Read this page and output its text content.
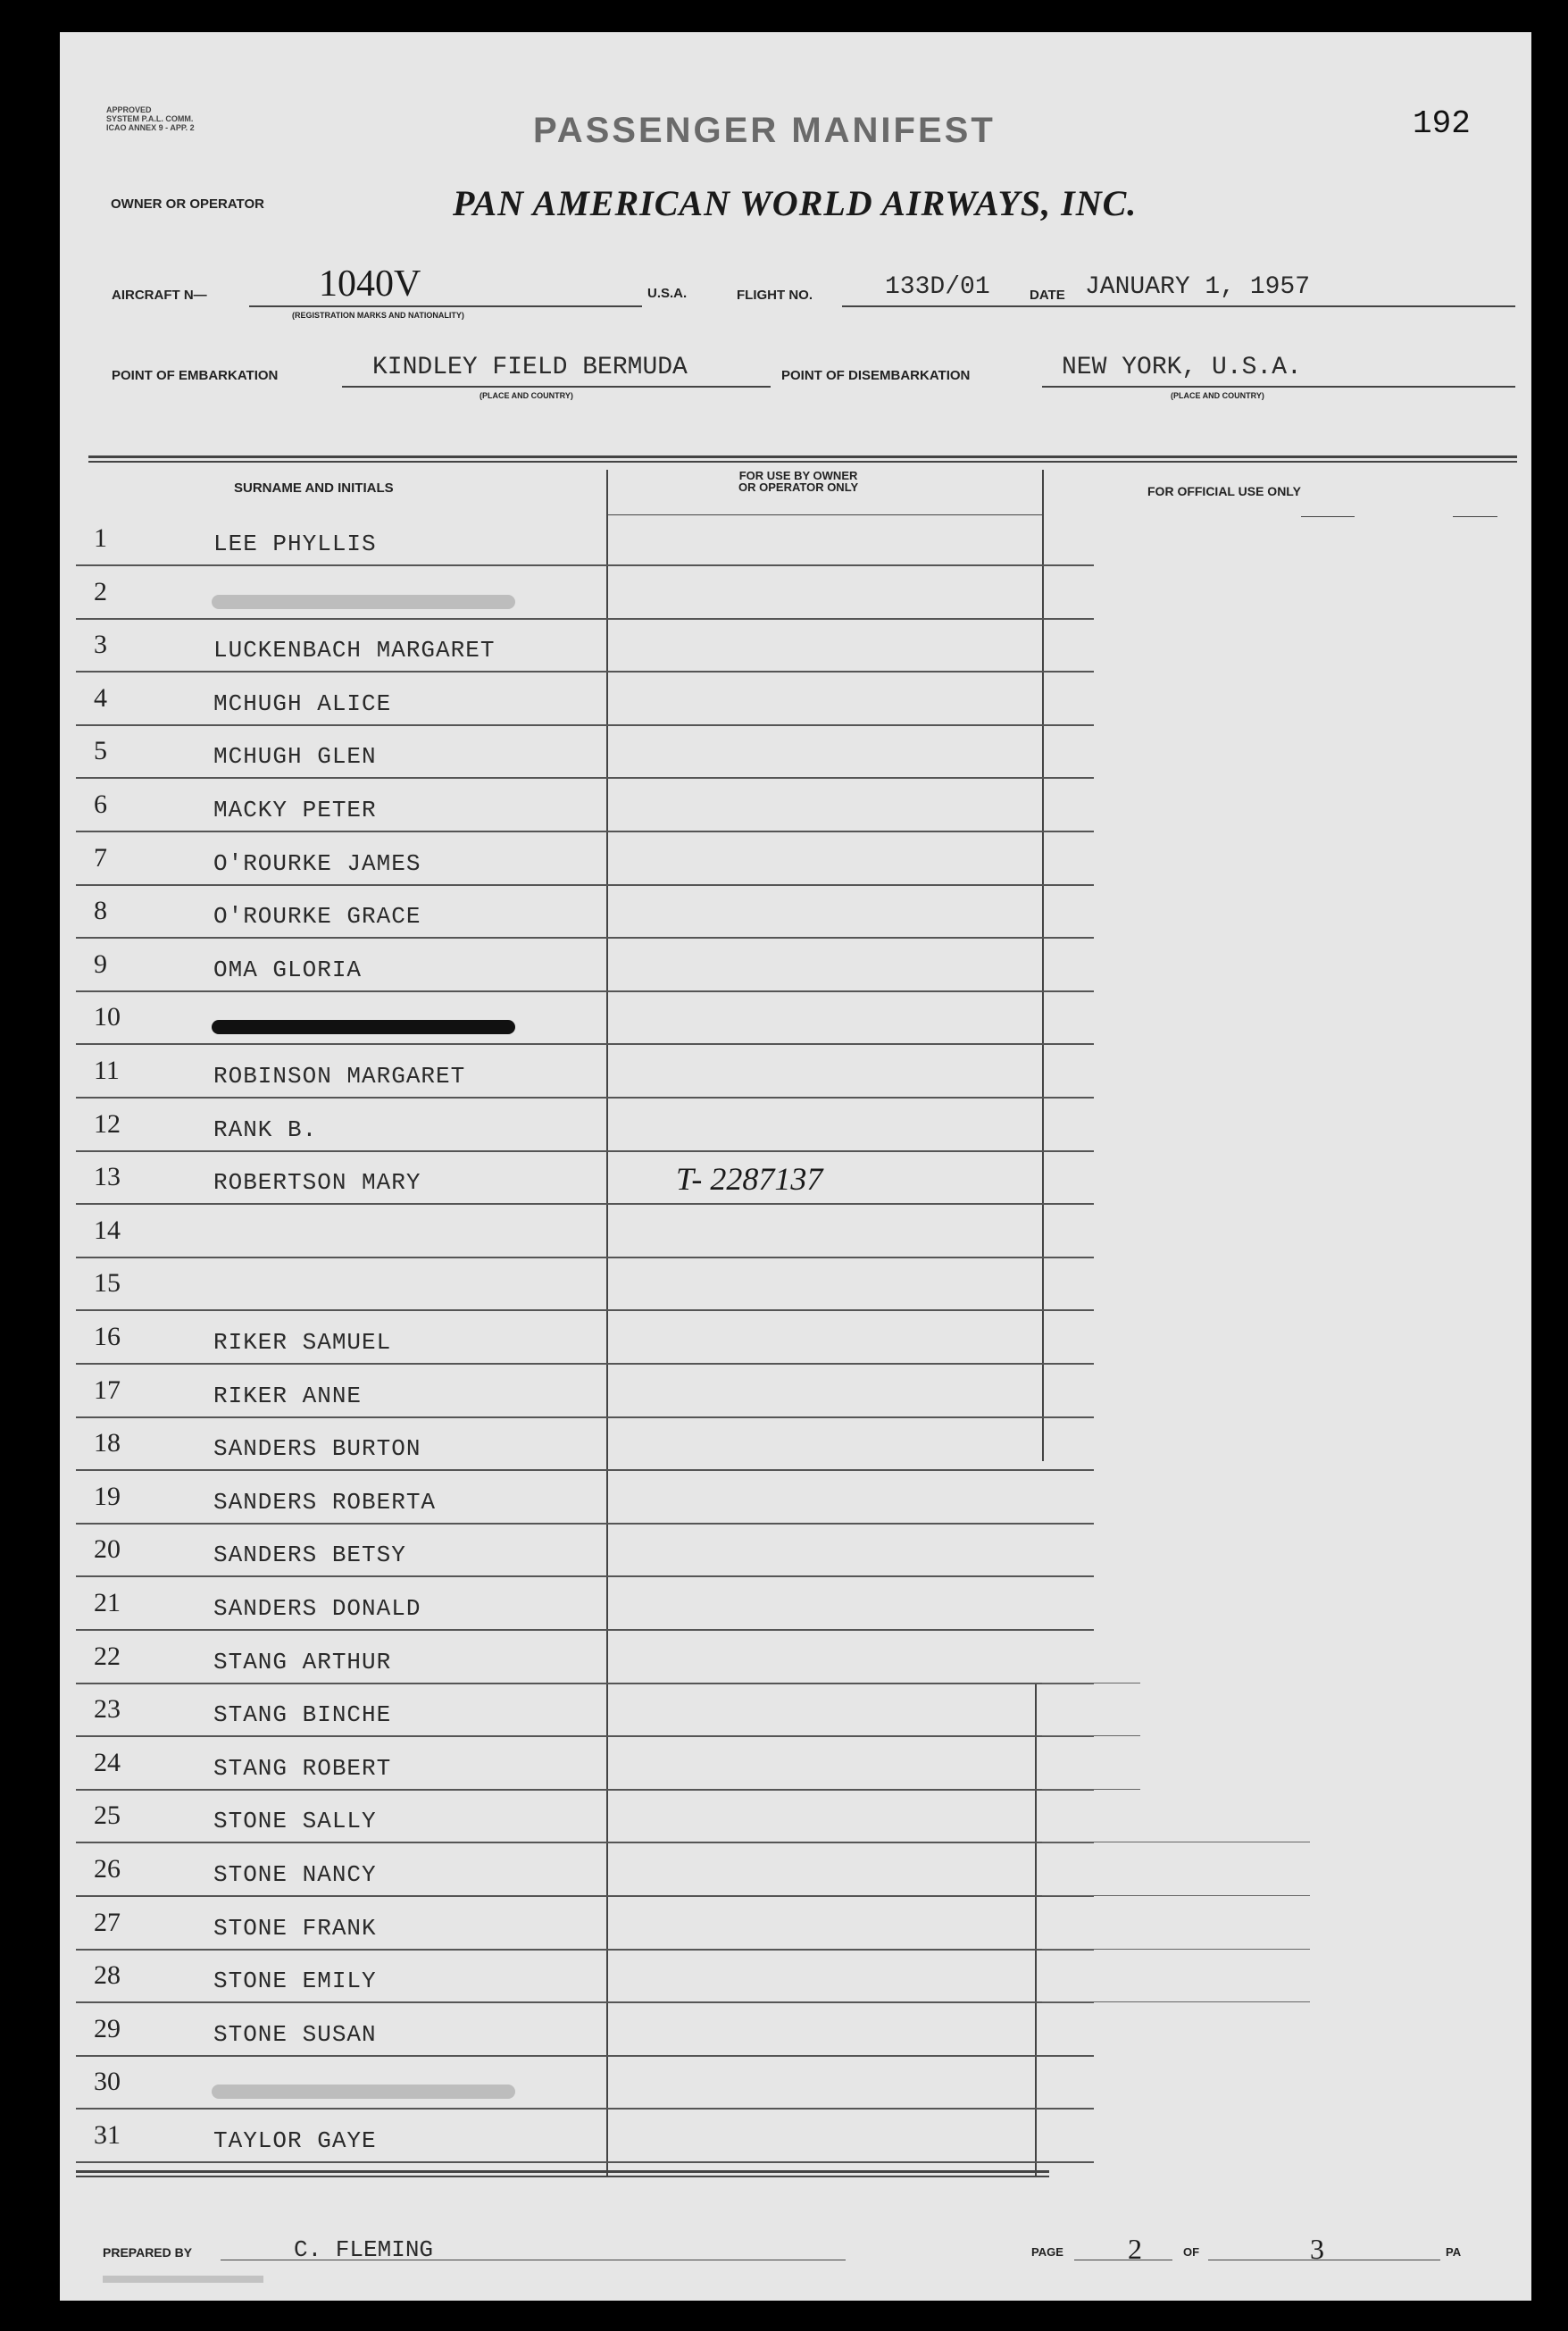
APPROVED
SYSTEM P.A.L. COMM.
ICAO ANNEX 9 - APP. 2	PASSENGER MANIFEST	192
OWNER OR OPERATOR	PAN AMERICAN WORLD AIRWAYS, INC.
AIRCRAFT N—	1040V
(REGISTRATION MARKS AND NATIONALITY)
U.S.A.	FLIGHT NO.	133D/01	DATE JANUARY 1, 1957
POINT OF EMBARKATION	KINDLEY FIELD BERMUDA
(PLACE AND COUNTRY)
POINT OF DISEMBARKATION	NEW YORK, U.S.A.
(PLACE AND COUNTRY)
SURNAME AND INITIALS
FOR USE BY OWNER
OR OPERATOR ONLY	FOR OFFICIAL USE ONLY
1	LEE PHYLLIS
2
3	LUCKENBACH MARGARET
4	MCHUGH ALICE
5	MCHUGH GLEN
6	MACKY PETER
7	O'ROURKE JAMES
8	O'ROURKE GRACE
9	OMA GLORIA
10
11	ROBINSON MARGARET
12	RANK B.
13	ROBERTSON MARY	T- 2287137
14
15
16	RIKER SAMUEL
17	RIKER ANNE
18	SANDERS BURTON
19	SANDERS ROBERTA
20	SANDERS BETSY
21	SANDERS DONALD
22	STANG ARTHUR
23	STANG BINCHE
24	STANG ROBERT
25	STONE SALLY
26	STONE NANCY
27	STONE FRANK
28	STONE EMILY
29	STONE SUSAN
30
31	TAYLOR GAYE
PREPARED BY	C. FLEMING	PAGE 2	OF	3	PA
